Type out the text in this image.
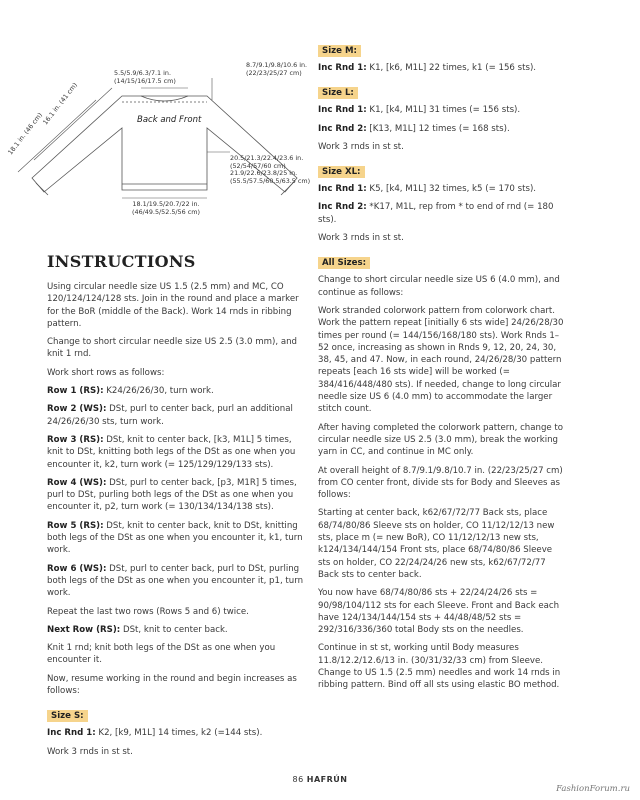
Back and Front
5.5/5.9/6.3/7.1 in.
(14/15/16/17.5 cm)
8.7/9.1/9.8/10.6 in.
(22/23/25/27 cm)
18.1 in. (46 cm)
16.1 in. (41 cm)
20.5/21.3/22.4/23.6 in.
(52/54/57/60 cm)
21.9/22.6/23.8/25 in.
(55.5/57.5/60.5/63.5 cm)
18.1/19.5/20.7/22 in.
(46/49.5/52.5/56 cm)
INSTRUCTIONS

Using circular needle size US 1.5 (2.5 mm) and MC, CO 120/124/124/128 sts. Join in the round and place a marker for the BoR (middle of the Back). Work 14 rnds in ribbing pattern.

Change to short circular needle size US 2.5 (3.0 mm), and knit 1 rnd.

Work short rows as follows:

Row 1 (RS): K24/26/26/30, turn work.

Row 2 (WS): DSt, purl to center back, purl an additional 24/26/26/30 sts, turn work.

Row 3 (RS): DSt, knit to center back, [k3, M1L] 5 times, knit to DSt, knitting both legs of the DSt as one when you encounter it, k2, turn work (= 125/129/129/133 sts).

Row 4 (WS): DSt, purl to center back, [p3, M1R] 5 times, purl to DSt, purling both legs of the DSt as one when you encounter it, p2, turn work (= 130/134/134/138 sts).

Row 5 (RS): DSt, knit to center back, knit to DSt, knitting both legs of the DSt as one when you encounter it, k1, turn work.

Row 6 (WS): DSt, purl to center back, purl to DSt, purling both legs of the DSt as one when you encounter it, p1, turn work.

Repeat the last two rows (Rows 5 and 6) twice.

Next Row (RS): DSt, knit to center back.

Knit 1 rnd; knit both legs of the DSt as one when you encounter it.

Now, resume working in the round and begin increases as follows:

Size S:

Inc Rnd 1: K2, [k9, M1L] 14 times, k2 (=144 sts).

Work 3 rnds in st st.

Size M:

Inc Rnd 1: K1, [k6, M1L] 22 times, k1 (= 156 sts).

Size L:

Inc Rnd 1: K1, [k4, M1L] 31 times (= 156 sts).

Inc Rnd 2: [K13, M1L] 12 times (= 168 sts).

Work 3 rnds in st st.

Size XL:

Inc Rnd 1: K5, [k4, M1L] 32 times, k5 (= 170 sts).

Inc Rnd 2: *K17, M1L, rep from * to end of rnd (= 180 sts).

Work 3 rnds in st st.

All Sizes:

Change to short circular needle size US 6 (4.0 mm), and continue as follows:

Work stranded colorwork pattern from colorwork chart. Work the pattern repeat [initially 6 sts wide] 24/26/28/30 times per round (= 144/156/168/180 sts). Work Rnds 1–52 once, increasing as shown in Rnds 9, 12, 20, 24, 30, 38, 45, and 47. Now, in each round, 24/26/28/30 pattern repeats [each 16 sts wide] will be worked (= 384/416/448/480 sts). If needed, change to long circular needle size US 6 (4.0 mm) to accommodate the larger stitch count.

After having completed the colorwork pattern, change to circular needle size US 2.5 (3.0 mm), break the working yarn in CC, and continue in MC only.

At overall height of 8.7/9.1/9.8/10.7 in. (22/23/25/27 cm) from CO center front, divide sts for Body and Sleeves as follows:

Starting at center back, k62/67/72/77 Back sts, place 68/74/80/86 Sleeve sts on holder, CO 11/12/12/13 new sts, place m (= new BoR), CO 11/12/12/13 new sts, k124/134/144/154 Front sts, place 68/74/80/86 Sleeve sts on holder, CO 22/24/24/26 new sts, k62/67/72/77 Back sts to center back.

You now have 68/74/80/86 sts + 22/24/24/26 sts = 90/98/104/112 sts for each Sleeve. Front and Back each have 124/134/144/154 sts + 44/48/48/52 sts = 292/316/336/360 total Body sts on the needles.

Continue in st st, working until Body measures 11.8/12.2/12.6/13 in. (30/31/32/33 cm) from Sleeve. Change to US 1.5 (2.5 mm) needles and work 14 rnds in ribbing pattern. Bind off all sts using elastic BO method.

86 HAFRÚN
FashionForum.ru
